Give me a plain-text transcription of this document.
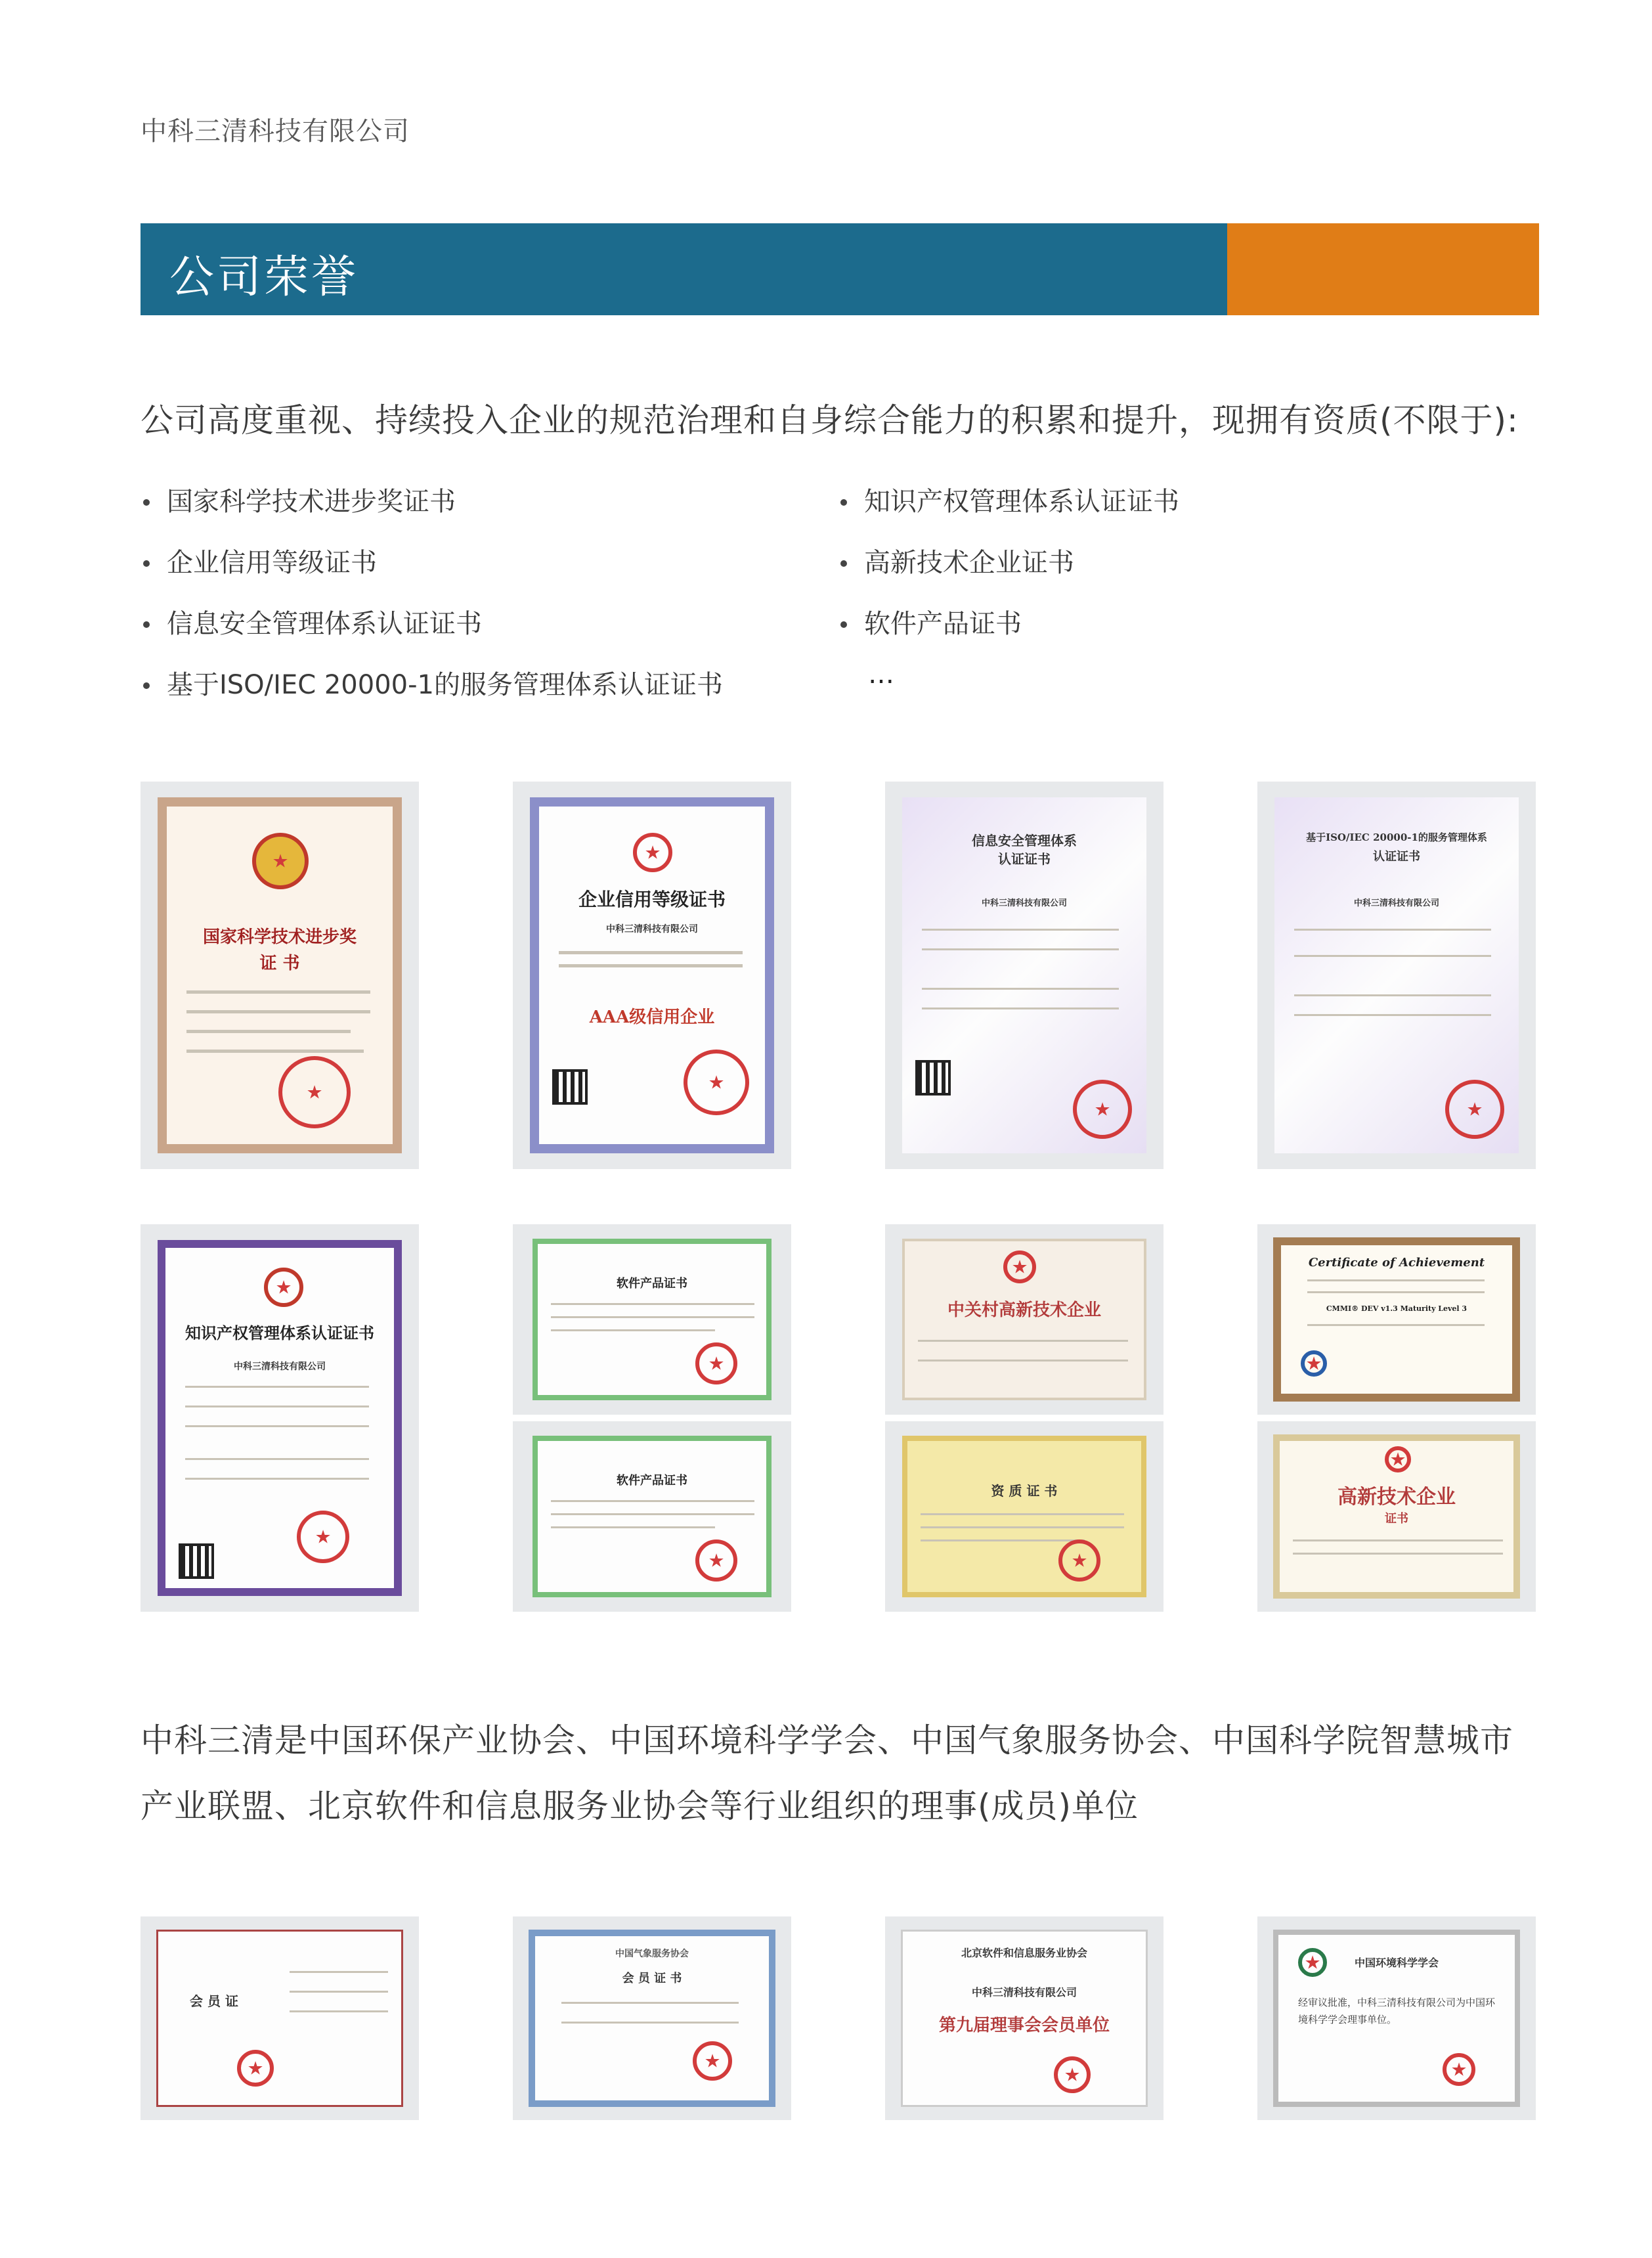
中科三清科技有限公司
公司荣誉
公司高度重视、持续投入企业的规范治理和自身综合能力的积累和提升，现拥有资质(不限于):
国家科学技术进步奖证书
企业信用等级证书
信息安全管理体系认证证书
基于ISO/IEC 20000-1的服务管理体系认证证书
知识产权管理体系认证证书
高新技术企业证书
软件产品证书
…
★
国家科学技术进步奖
证 书
★
★
企业信用等级证书
中科三清科技有限公司
AAA级信用企业
★
信息安全管理体系
认证证书
中科三清科技有限公司
★
基于ISO/IEC 20000-1的服务管理体系
认证证书
中科三清科技有限公司
★
★
知识产权管理体系认证证书
中科三清科技有限公司
★
软件产品证书
★
软件产品证书
★
★
中关村高新技术企业
资 质 证 书
★
Certificate of Achievement
CMMI® DEV v1.3 Maturity Level 3
★
★
高新技术企业
证书
中科三清是中国环保产业协会、中国环境科学学会、中国气象服务协会、中国科学院智慧城市产业联盟、北京软件和信息服务业协会等行业组织的理事(成员)单位
会 员 证
★
中国气象服务协会
会 员 证 书
★
北京软件和信息服务业协会
中科三清科技有限公司
第九届理事会会员单位
★
★
中国环境科学学会
经审议批准，中科三清科技有限公司为中国环境科学学会理事单位。
★
